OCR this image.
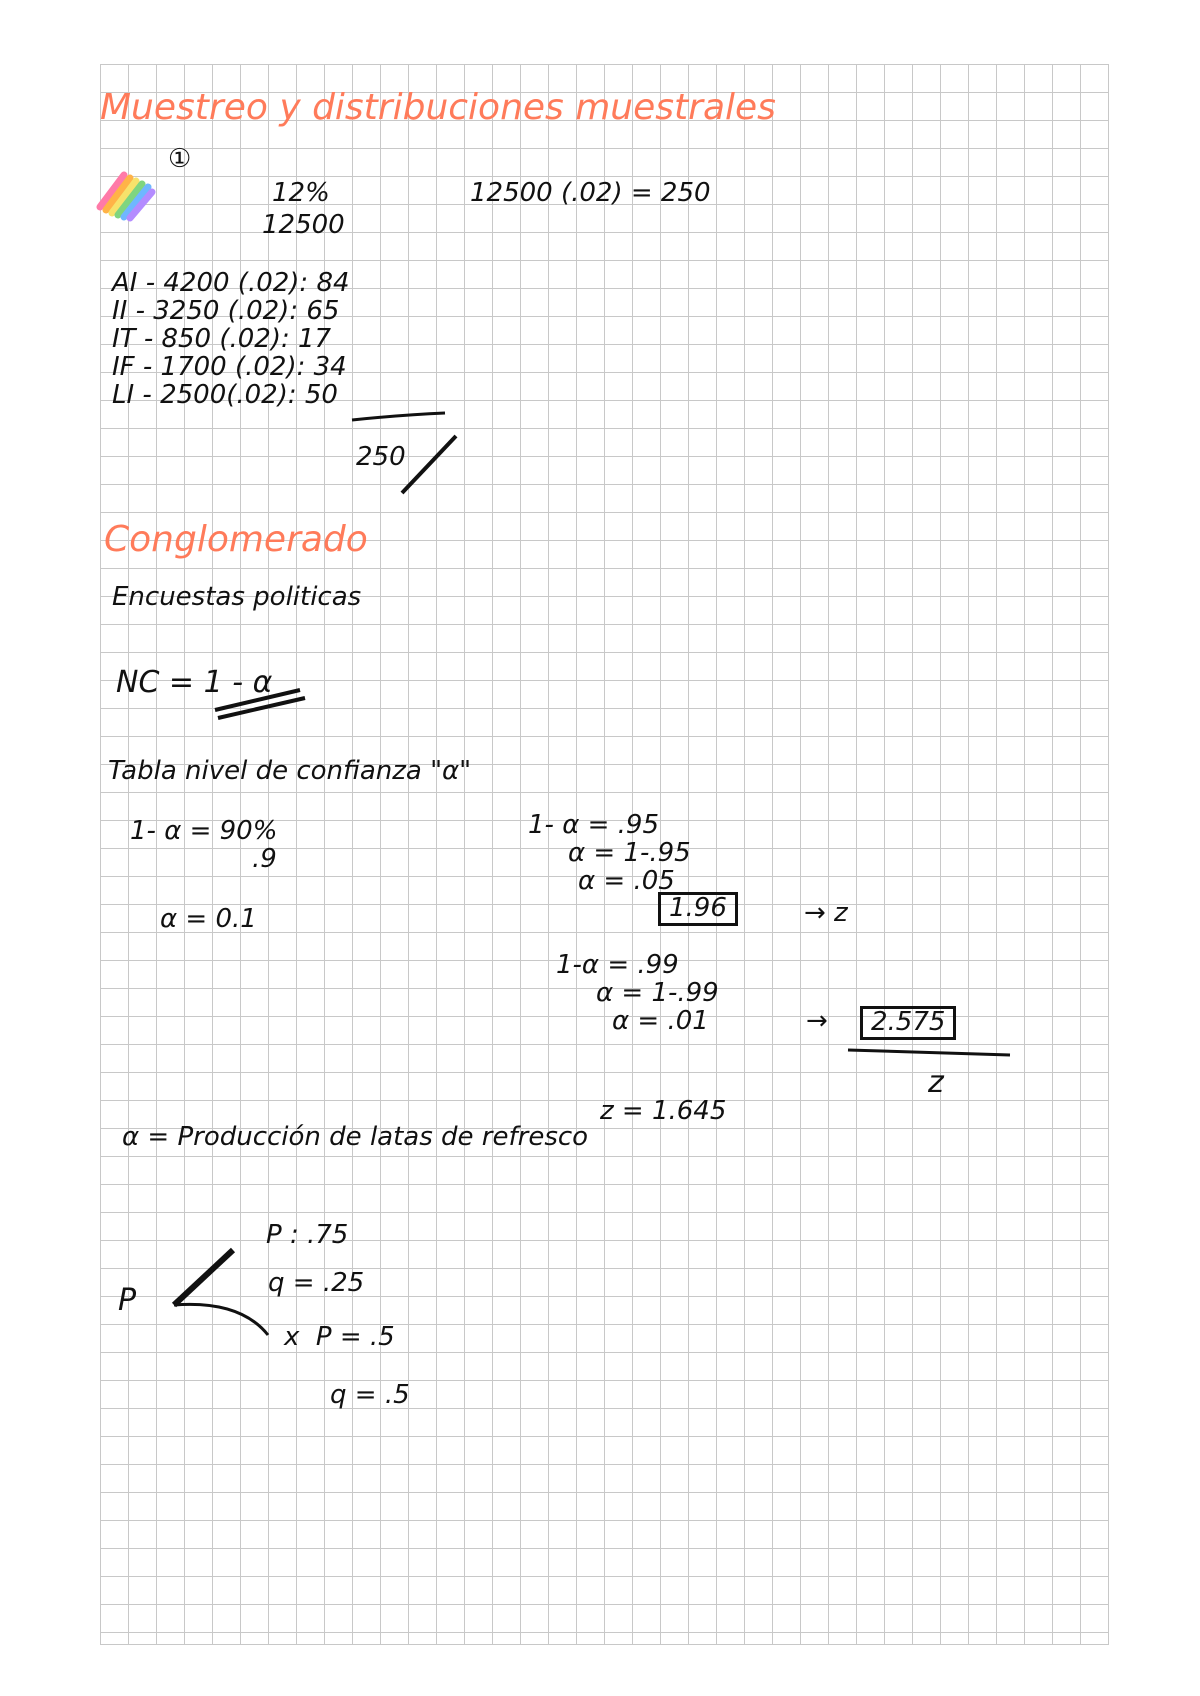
Muestreo y distribuciones muestrales
①
12%
12500
12500 (.02) = 250
AI - 4200 (.02): 84
II - 3250 (.02): 65
IT - 850 (.02): 17
IF - 1700 (.02): 34
LI - 2500(.02): 50
250
Conglomerado
Encuestas politicas
NC = 1 - α
Tabla nivel de confianza "α"
1- α = 90%
.9
α = 0.1
1- α = .95
α = 1-.95
α = .05
1.96	→ z
1-α = .99
α = 1-.99
α = .01	→	2.575
z
z = 1.645
α = Producción de latas de refresco
P
P : .75
q = .25
x  P = .5
q = .5
